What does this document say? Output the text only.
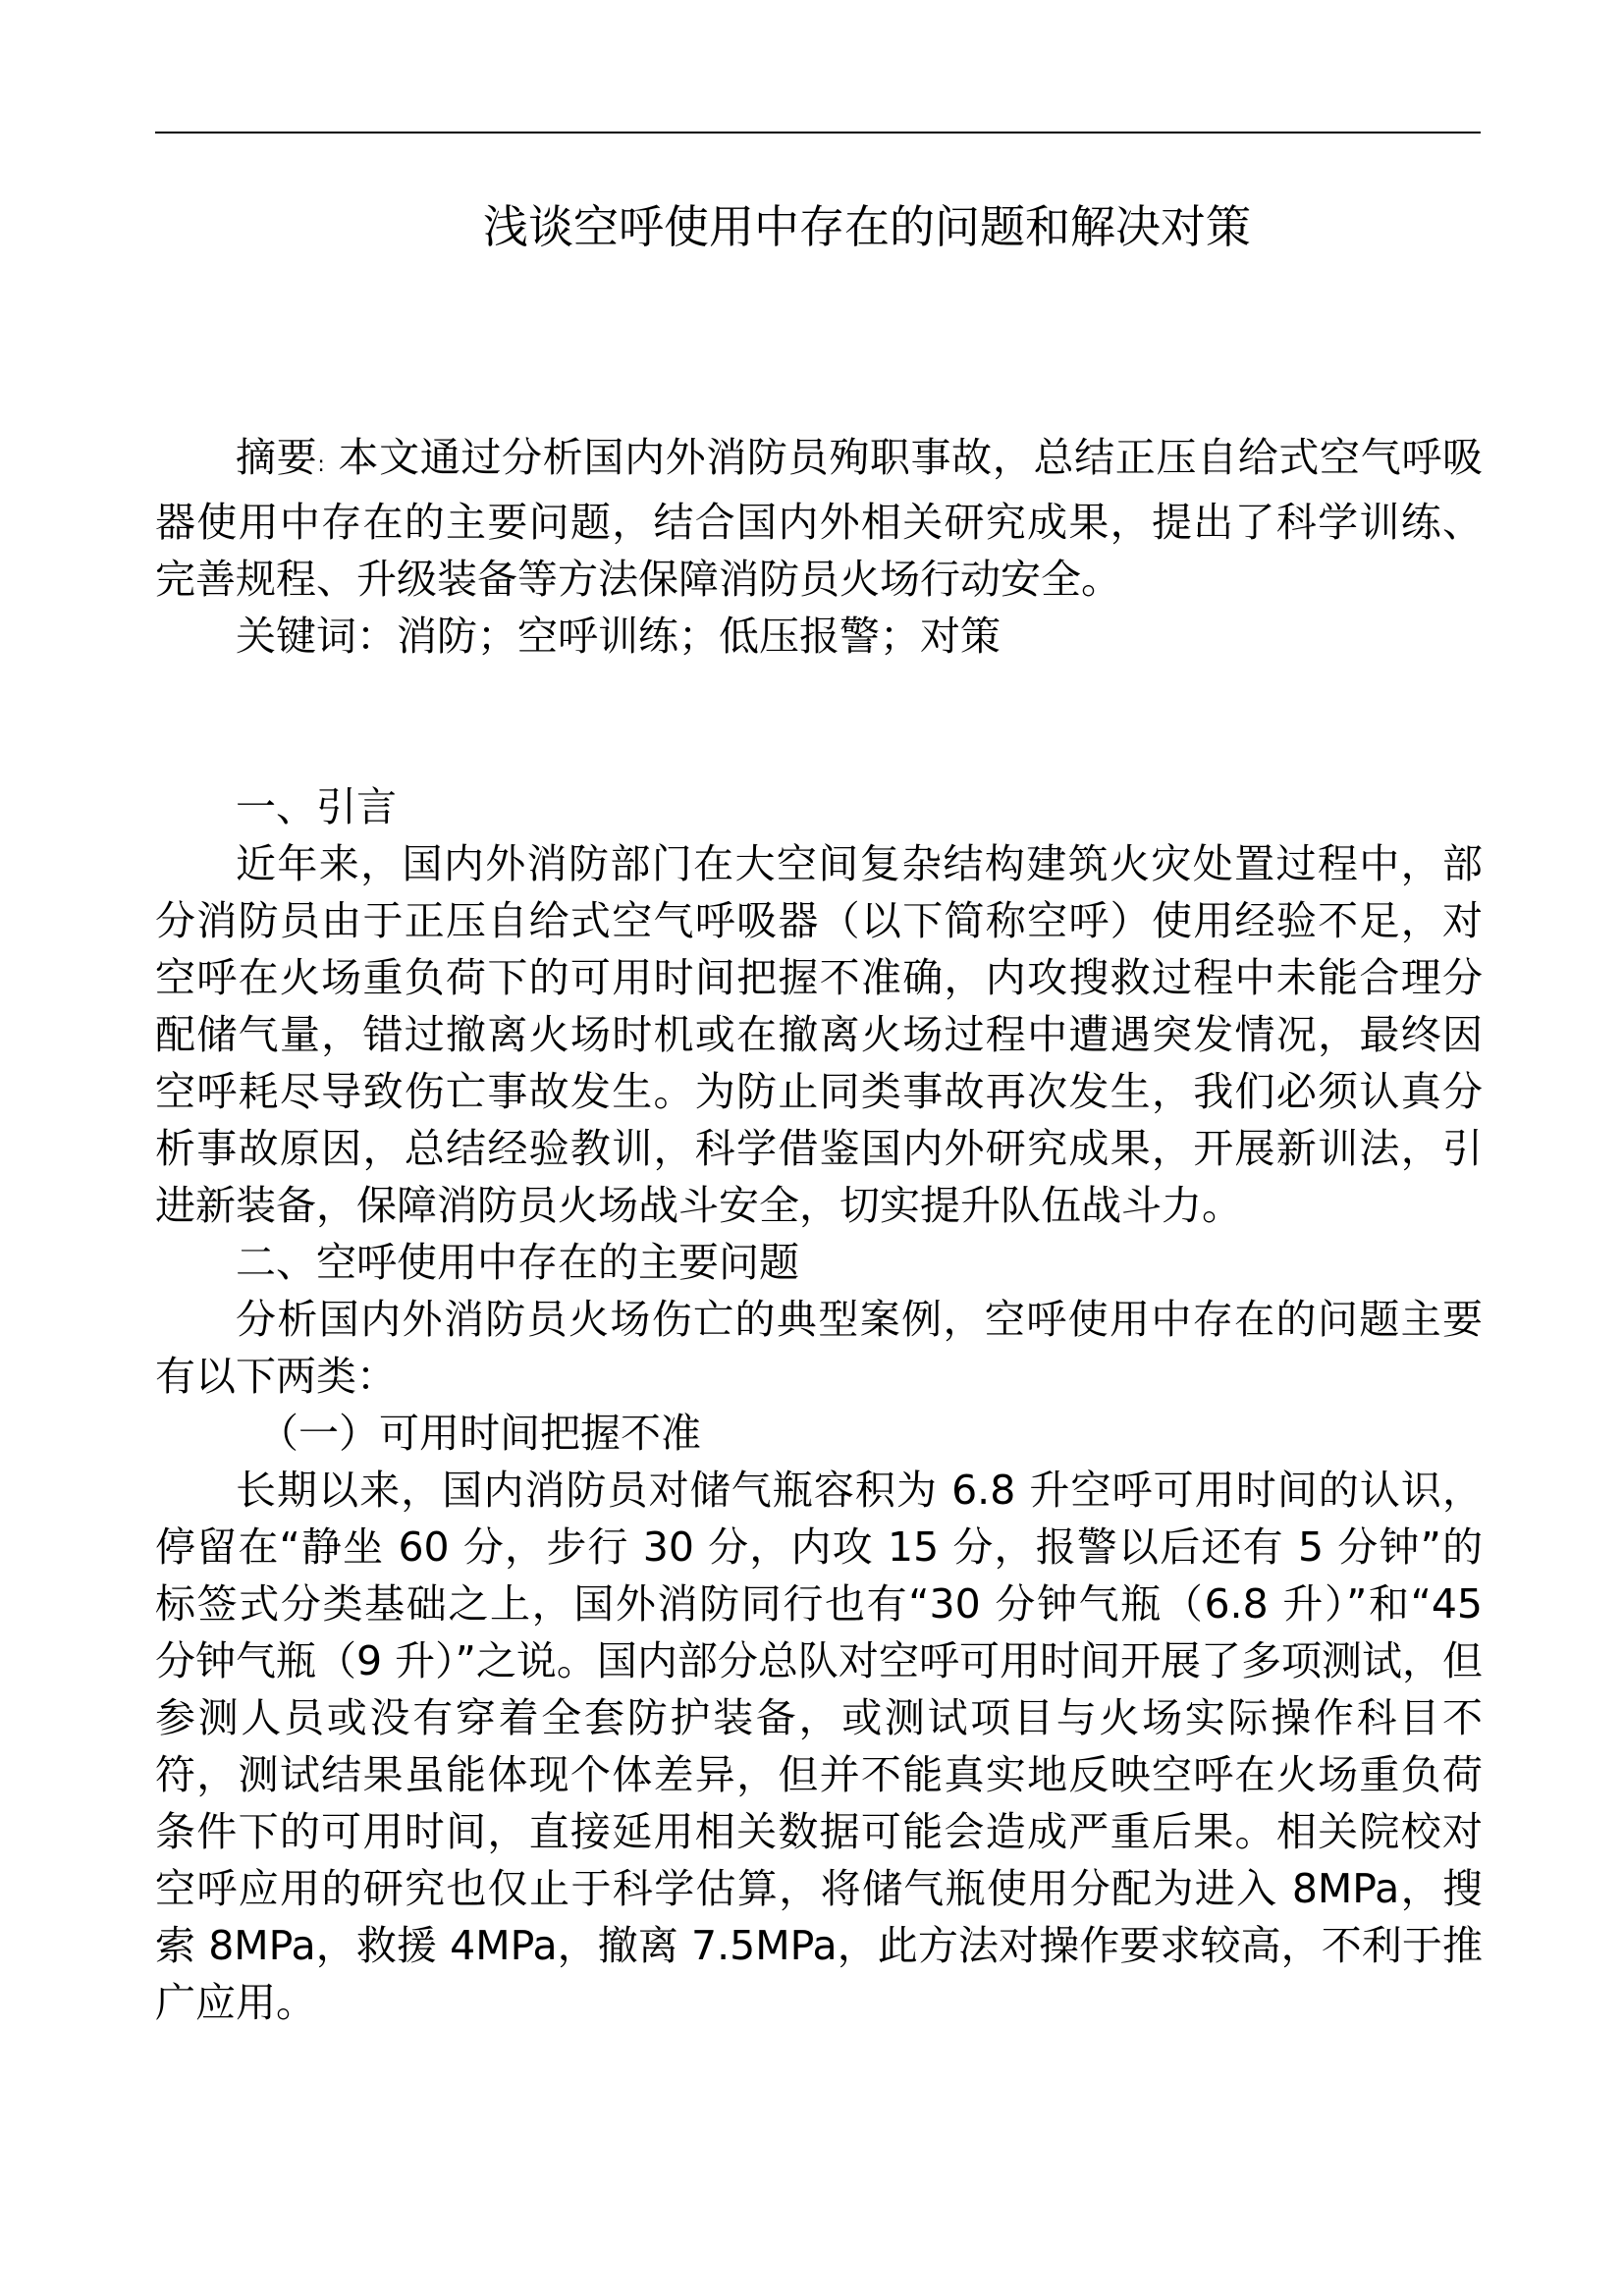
浅谈空呼使用中存在的问题和解决对策

摘要: 本文通过分析国内外消防员殉职事故，总结正压自给式空气呼吸器使用中存在的主要问题，结合国内外相关研究成果，提出了科学训练、完善规程、升级装备等方法保障消防员火场行动安全。

关键词：消防；空呼训练；低压报警；对策

一、引言

近年来，国内外消防部门在大空间复杂结构建筑火灾处置过程中，部分消防员由于正压自给式空气呼吸器（以下简称空呼）使用经验不足，对空呼在火场重负荷下的可用时间把握不准确，内攻搜救过程中未能合理分配储气量，错过撤离火场时机或在撤离火场过程中遭遇突发情况，最终因空呼耗尽导致伤亡事故发生。为防止同类事故再次发生，我们必须认真分析事故原因，总结经验教训，科学借鉴国内外研究成果，开展新训法，引进新装备，保障消防员火场战斗安全，切实提升队伍战斗力。

二、空呼使用中存在的主要问题

分析国内外消防员火场伤亡的典型案例，空呼使用中存在的问题主要有以下两类：

（一）可用时间把握不准

长期以来，国内消防员对储气瓶容积为 6.8 升空呼可用时间的认识，停留在“静坐 60 分，步行 30 分，内攻 15 分，报警以后还有 5 分钟”的标签式分类基础之上，国外消防同行也有“30 分钟气瓶（6.8 升）”和“45 分钟气瓶（9 升）”之说。国内部分总队对空呼可用时间开展了多项测试，但参测人员或没有穿着全套防护装备，或测试项目与火场实际操作科目不符，测试结果虽能体现个体差异，但并不能真实地反映空呼在火场重负荷条件下的可用时间，直接延用相关数据可能会造成严重后果。相关院校对空呼应用的研究也仅止于科学估算，将储气瓶使用分配为进入 8MPa，搜索 8MPa，救援 4MPa，撤离 7.5MPa，此方法对操作要求较高，不利于推广应用。
